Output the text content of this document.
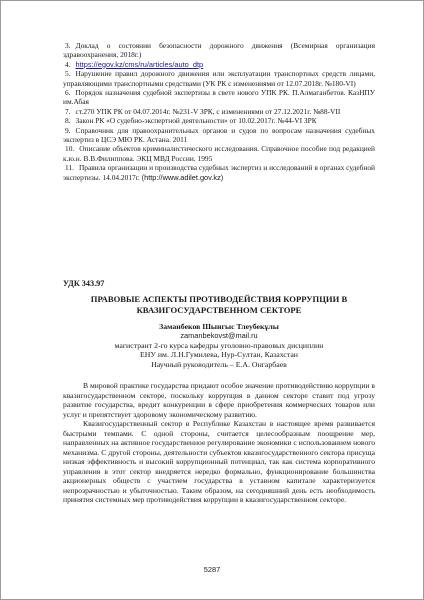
3. Доклад о состоянии безопасности дорожного движения (Всемирная организация здравоохранения, 2018г.)

4. https://egov.kz/cms/ru/articles/auto_dtp

5. Нарушение правил дорожного движения или эксплуатации транспортных средств лицами, управляющими транспортными средствами (УК РК с изменениями от 12.07.2018г. №180-VI)

6. Порядок назначения судебной экспертизы в свете нового УПК РК. П.Алмаганбетов. КазНПУ им.Абая

7. ст.270 УПК РК от 04.07.2014г. №231-V ЗРК, с изменениями от 27.12.2021г. №88-VII

8. Закон РК «О судебно-экспертной деятельности» от 10.02.2017г. №44-VI ЗРК

9. Справочник для правоохранительных органов и судов по вопросам назначения судебных экспертиз в ЦСЭ МЮ РК. Астана. 2011

10. Описание объектов криминалистического исследования. Справочное пособие под редакцией к.ю.н. В.В.Филиппова. ЭКЦ МВД России. 1995

11. Правила организации и производства судебных экспертиз и исследований в органах судебной экспертизы. 14.04.2017г. (http://www.adilet.gov.kz)

УДК 343.97
ПРАВОВЫЕ АСПЕКТЫ ПРОТИВОДЕЙСТВИЯ КОРРУПЦИИ В КВАЗИГОСУДАРСТВЕННОМ СЕКТОРЕ
Заманбеков Шынгыс Тлеубекұлы
zamanbekovst@mail.ru
магистрант 2-го курса кафедры уголовно-правовых дисциплин
ЕНУ им. Л.Н.Гумилева, Нур-Султан, Казахстан
Научный руководитель – Е.А. Онгарбаев

В мировой практике государства придают особое значение противодействию коррупции в квазигосударственном секторе, поскольку коррупция в данном секторе ставит под угрозу развитие государства, вредит конкуренции в сфере приобретения коммерческих товаров или услуг и препятствует здоровому экономическому развитию.

Квазигосударственный сектор в Республике Казахстан в настоящее время развивается быстрыми темпами. С одной стороны, считается целесообразным поощрение мер, направленных на активное государственное регулирование экономики с использованием нового механизма. С другой стороны, деятельности субъектов квазигосударственного сектора присуща низкая эффективность и высокий коррупционный потенциал, так как система корпоративного управления в этот сектор внедряется нередко формально, функционирование большинства акционерных обществ с участием государства в уставном капитале характеризуется непрозрачностью и убыточностью. Таким образом, на сегодняшний день есть необходимость принятия системных мер противодействия коррупции в квазигосударственном секторе.

5287
